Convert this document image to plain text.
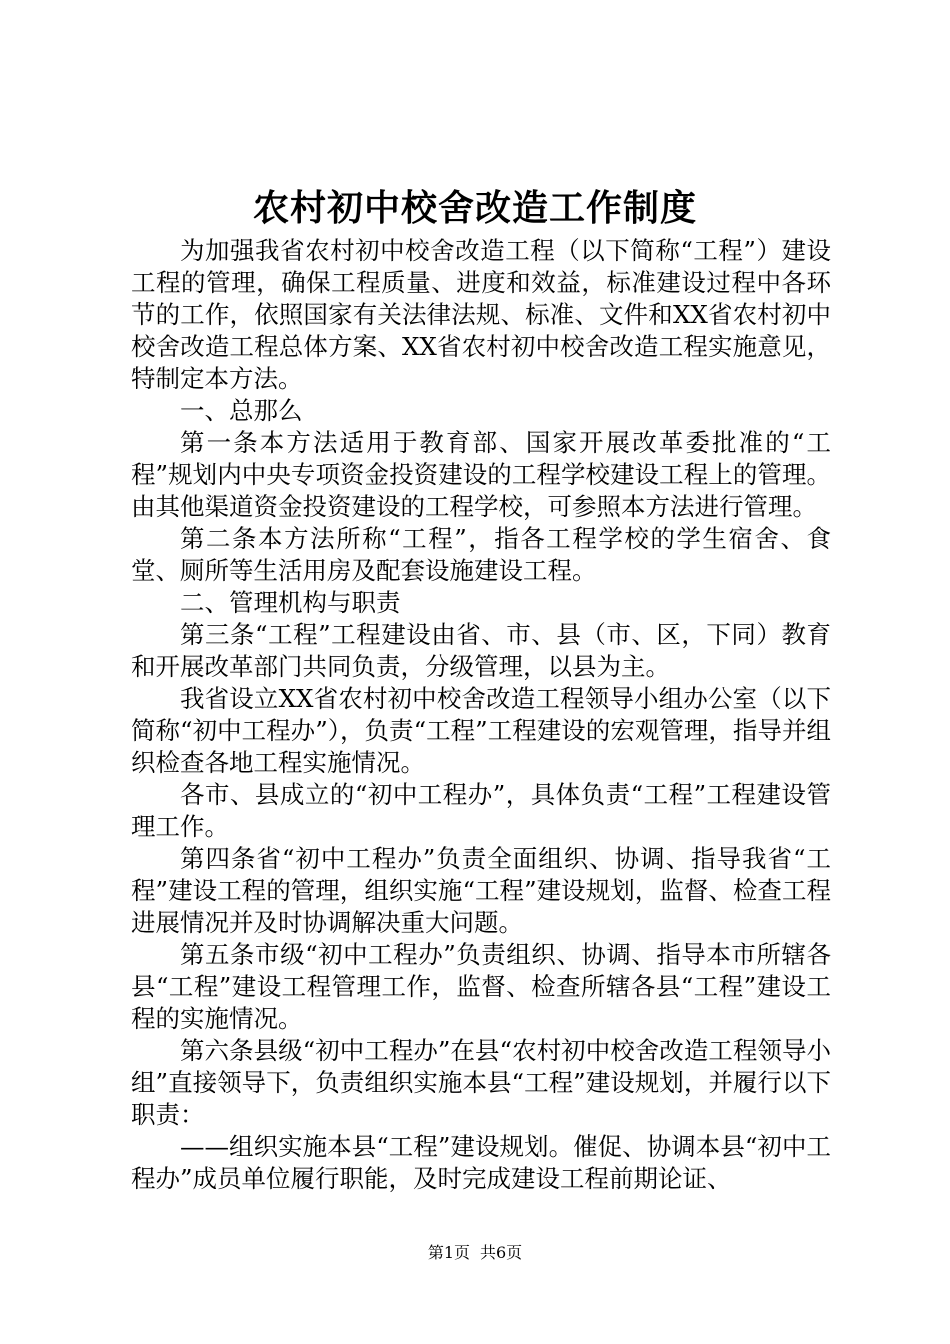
农村初中校舍改造工作制度

为加强我省农村初中校舍改造工程（以下简称“工程”）建设工程的管理，确保工程质量、进度和效益，标准建设过程中各环节的工作，依照国家有关法律法规、标准、文件和XX省农村初中校舍改造工程总体方案、XX省农村初中校舍改造工程实施意见，特制定本方法。

一、总那么

第一条本方法适用于教育部、国家开展改革委批准的“工程”规划内中央专项资金投资建设的工程学校建设工程上的管理。由其他渠道资金投资建设的工程学校，可参照本方法进行管理。

第二条本方法所称“工程”，指各工程学校的学生宿舍、食堂、厕所等生活用房及配套设施建设工程。

二、管理机构与职责

第三条“工程”工程建设由省、市、县（市、区，下同）教育和开展改革部门共同负责，分级管理，以县为主。

我省设立XX省农村初中校舍改造工程领导小组办公室（以下简称“初中工程办”），负责“工程”工程建设的宏观管理，指导并组织检查各地工程实施情况。

各市、县成立的“初中工程办”，具体负责“工程”工程建设管理工作。

第四条省“初中工程办”负责全面组织、协调、指导我省“工程”建设工程的管理，组织实施“工程”建设规划，监督、检查工程进展情况并及时协调解决重大问题。

第五条市级“初中工程办”负责组织、协调、指导本市所辖各县“工程”建设工程管理工作，监督、检查所辖各县“工程”建设工程的实施情况。

第六条县级“初中工程办”在县“农村初中校舍改造工程领导小组”直接领导下，负责组织实施本县“工程”建设规划，并履行以下职责：

——组织实施本县“工程”建设规划。催促、协调本县“初中工程办”成员单位履行职能，及时完成建设工程前期论证、

第1页 共6页
